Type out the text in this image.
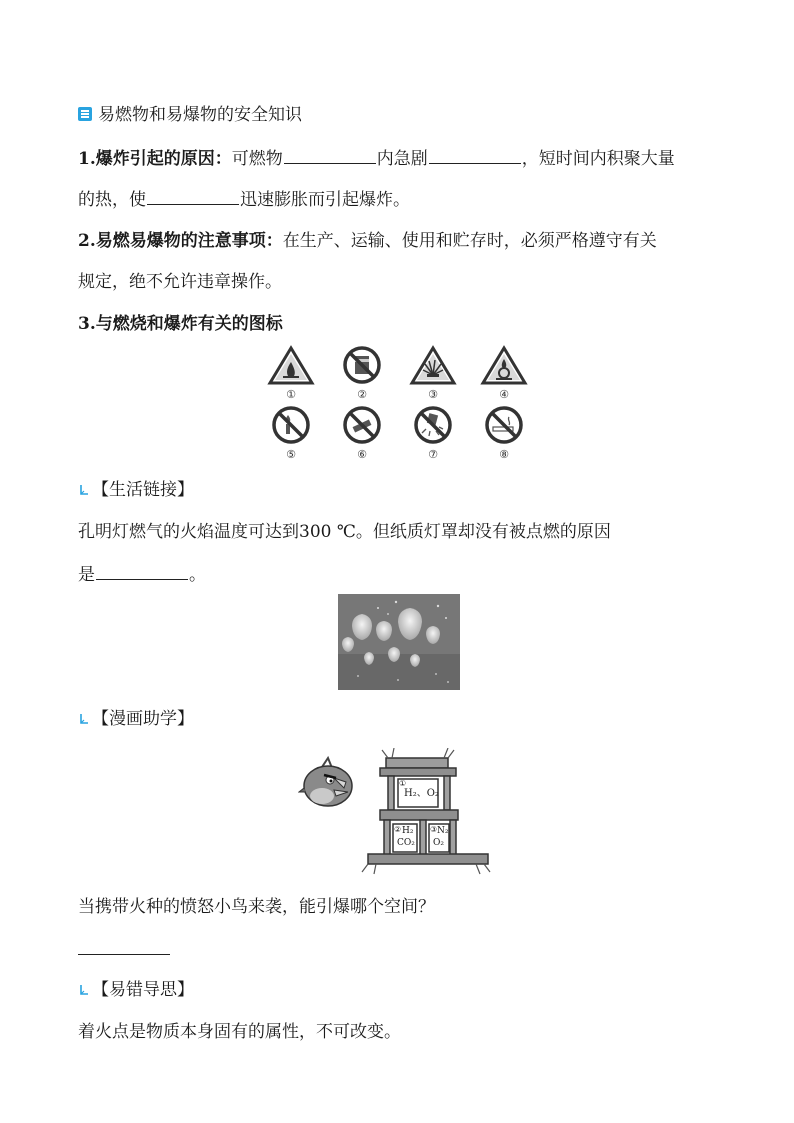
易燃物和易爆物的安全知识
1.爆炸引起的原因：可燃物	内急剧	，短时间内积聚大量
的热，使	迅速膨胀而引起爆炸。
2.易燃易爆物的注意事项：在生产、运输、使用和贮存时，必须严格遵守有关
规定，绝不允许违章操作。
3.与燃烧和爆炸有关的图标
①	②	③	④
⑤	⑥	⑦	⑧
【生活链接】
孔明灯燃气的火焰温度可达到300 ℃。但纸质灯罩却没有被点燃的原因
是	。
【漫画助学】
①
H₂、O₂
② H₂
CO₂
③ N₂
O₂
当携带火种的愤怒小鸟来袭，能引爆哪个空间？
【易错导思】
着火点是物质本身固有的属性，不可改变。
